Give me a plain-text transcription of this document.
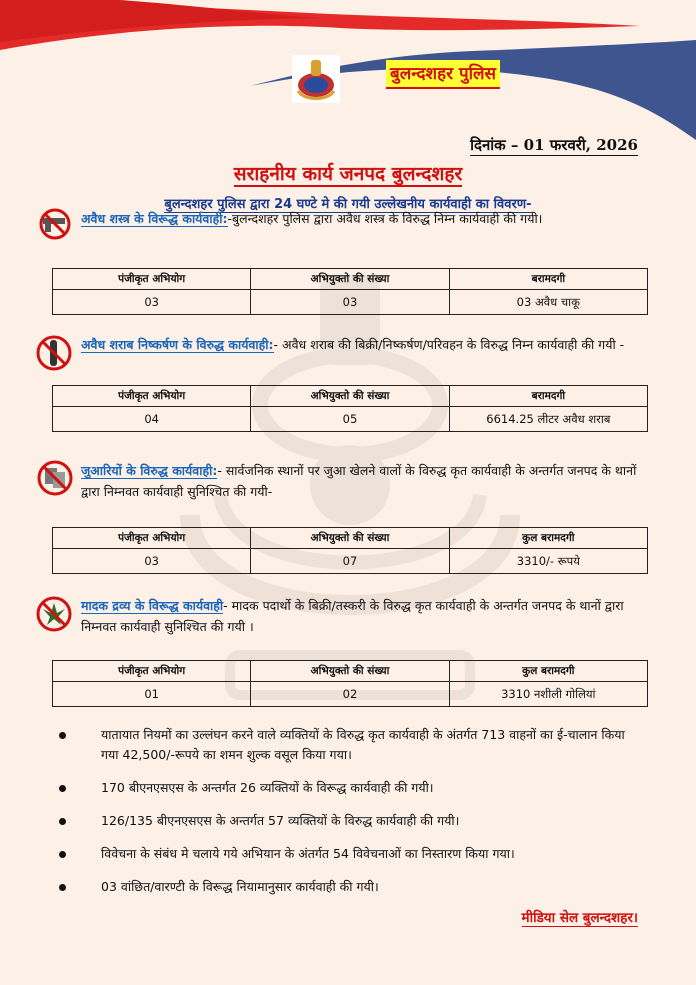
बुलन्दशहर पुलिस
दिनांक – 01 फरवरी, 2026
सराहनीय कार्य जनपद बुलन्दशहर
बुलन्दशहर पुलिस द्वारा 24 घण्टे मे की गयी उल्लेखनीय कार्यवाही का विवरण-
अवैध शस्त्र के विरूद्ध कार्यवाही:-बुलन्दशहर पुलिस द्वारा अवैध शस्त्र के विरुद्ध निम्न कार्यवाही की गयी।
पंजीकृत अभियोग	अभियुक्तो की संख्या	बरामदगी
03	03	03 अवैध चाकू
अवैध शराब निष्कर्षण के विरुद्ध कार्यवाही:- अवैध शराब की बिक्री/निष्कर्षण/परिवहन के विरुद्ध निम्न कार्यवाही की गयी -
पंजीकृत अभियोग	अभियुक्तो की संख्या	बरामदगी
04	05	6614.25 लीटर अवैध शराब
जुआरियों के विरुद्ध कार्यवाही:- सार्वजनिक स्थानों पर जुआ खेलने वालों के विरुद्ध कृत कार्यवाही के अन्तर्गत जनपद के थानों द्वारा निम्नवत कार्यवाही सुनिश्चित की गयी-
पंजीकृत अभियोग	अभियुक्तो की संख्या	कुल बरामदगी
03	07	3310/- रूपये
मादक द्रव्य के विरूद्ध कार्यवाही- मादक पदार्थो के बिक्री/तस्करी के विरुद्ध कृत कार्यवाही के अन्तर्गत जनपद के थानों द्वारा निम्नवत कार्यवाही सुनिश्चित की गयी ।
पंजीकृत अभियोग	अभियुक्तो की संख्या	कुल बरामदगी
01	02	3310 नशीली गोलियां
यातायात नियमों का उल्लंघन करने वाले व्यक्तियों के विरुद्ध कृत कार्यवाही के अंतर्गत 713 वाहनों का ई-चालान किया गया 42,500/-रूपये का शमन शुल्क वसूल किया गया।
170 बीएनएसएस के अन्तर्गत 26 व्यक्तियों के विरूद्ध कार्यवाही की गयी।
126/135 बीएनएसएस के अन्तर्गत 57 व्यक्तियों के विरुद्ध कार्यवाही की गयी।
विवेचना के संबंध मे चलाये गये अभियान के अंतर्गत 54 विवेचनाओं का निस्तारण किया गया।
03 वांछित/वारण्टी के विरूद्ध नियामानुसार कार्यवाही की गयी।
मीडिया सेल बुलन्दशहर।
